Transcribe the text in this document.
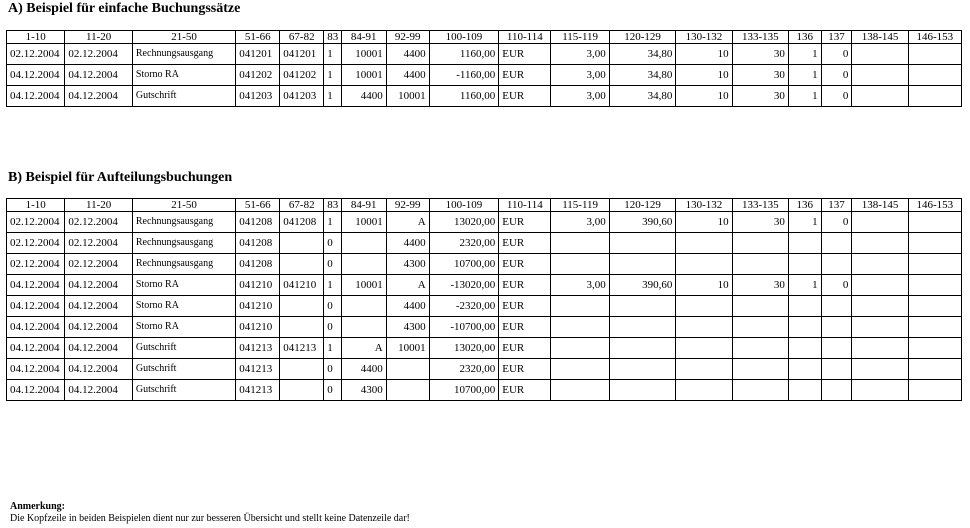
A) Beispiel für einfache Buchungssätze
1-10	11-20	21-50	51-66	67-82	83	84-91	92-99	100-109	110-114	115-119	120-129	130-132	133-135	136	137	138-145	146-153
02.12.2004	02.12.2004	Rechnungsausgang	041201	041201	1	10001	4400	1160,00	EUR	3,00	34,80	10	30	1	0		
04.12.2004	04.12.2004	Storno RA	041202	041202	1	10001	4400	-1160,00	EUR	3,00	34,80	10	30	1	0		
04.12.2004	04.12.2004	Gutschrift	041203	041203	1	4400	10001	1160,00	EUR	3,00	34,80	10	30	1	0		
B) Beispiel für Aufteilungsbuchungen
1-10	11-20	21-50	51-66	67-82	83	84-91	92-99	100-109	110-114	115-119	120-129	130-132	133-135	136	137	138-145	146-153
02.12.2004	02.12.2004	Rechnungsausgang	041208	041208	1	10001	A	13020,00	EUR	3,00	390,60	10	30	1	0		
02.12.2004	02.12.2004	Rechnungsausgang	041208		0		4400	2320,00	EUR								
02.12.2004	02.12.2004	Rechnungsausgang	041208		0		4300	10700,00	EUR								
04.12.2004	04.12.2004	Storno RA	041210	041210	1	10001	A	-13020,00	EUR	3,00	390,60	10	30	1	0		
04.12.2004	04.12.2004	Storno RA	041210		0		4400	-2320,00	EUR								
04.12.2004	04.12.2004	Storno RA	041210		0		4300	-10700,00	EUR								
04.12.2004	04.12.2004	Gutschrift	041213	041213	1	A	10001	13020,00	EUR								
04.12.2004	04.12.2004	Gutschrift	041213		0	4400		2320,00	EUR								
04.12.2004	04.12.2004	Gutschrift	041213		0	4300		10700,00	EUR								
Anmerkung:
Die Kopfzeile in beiden Beispielen dient nur zur besseren Übersicht und stellt keine Datenzeile dar!
